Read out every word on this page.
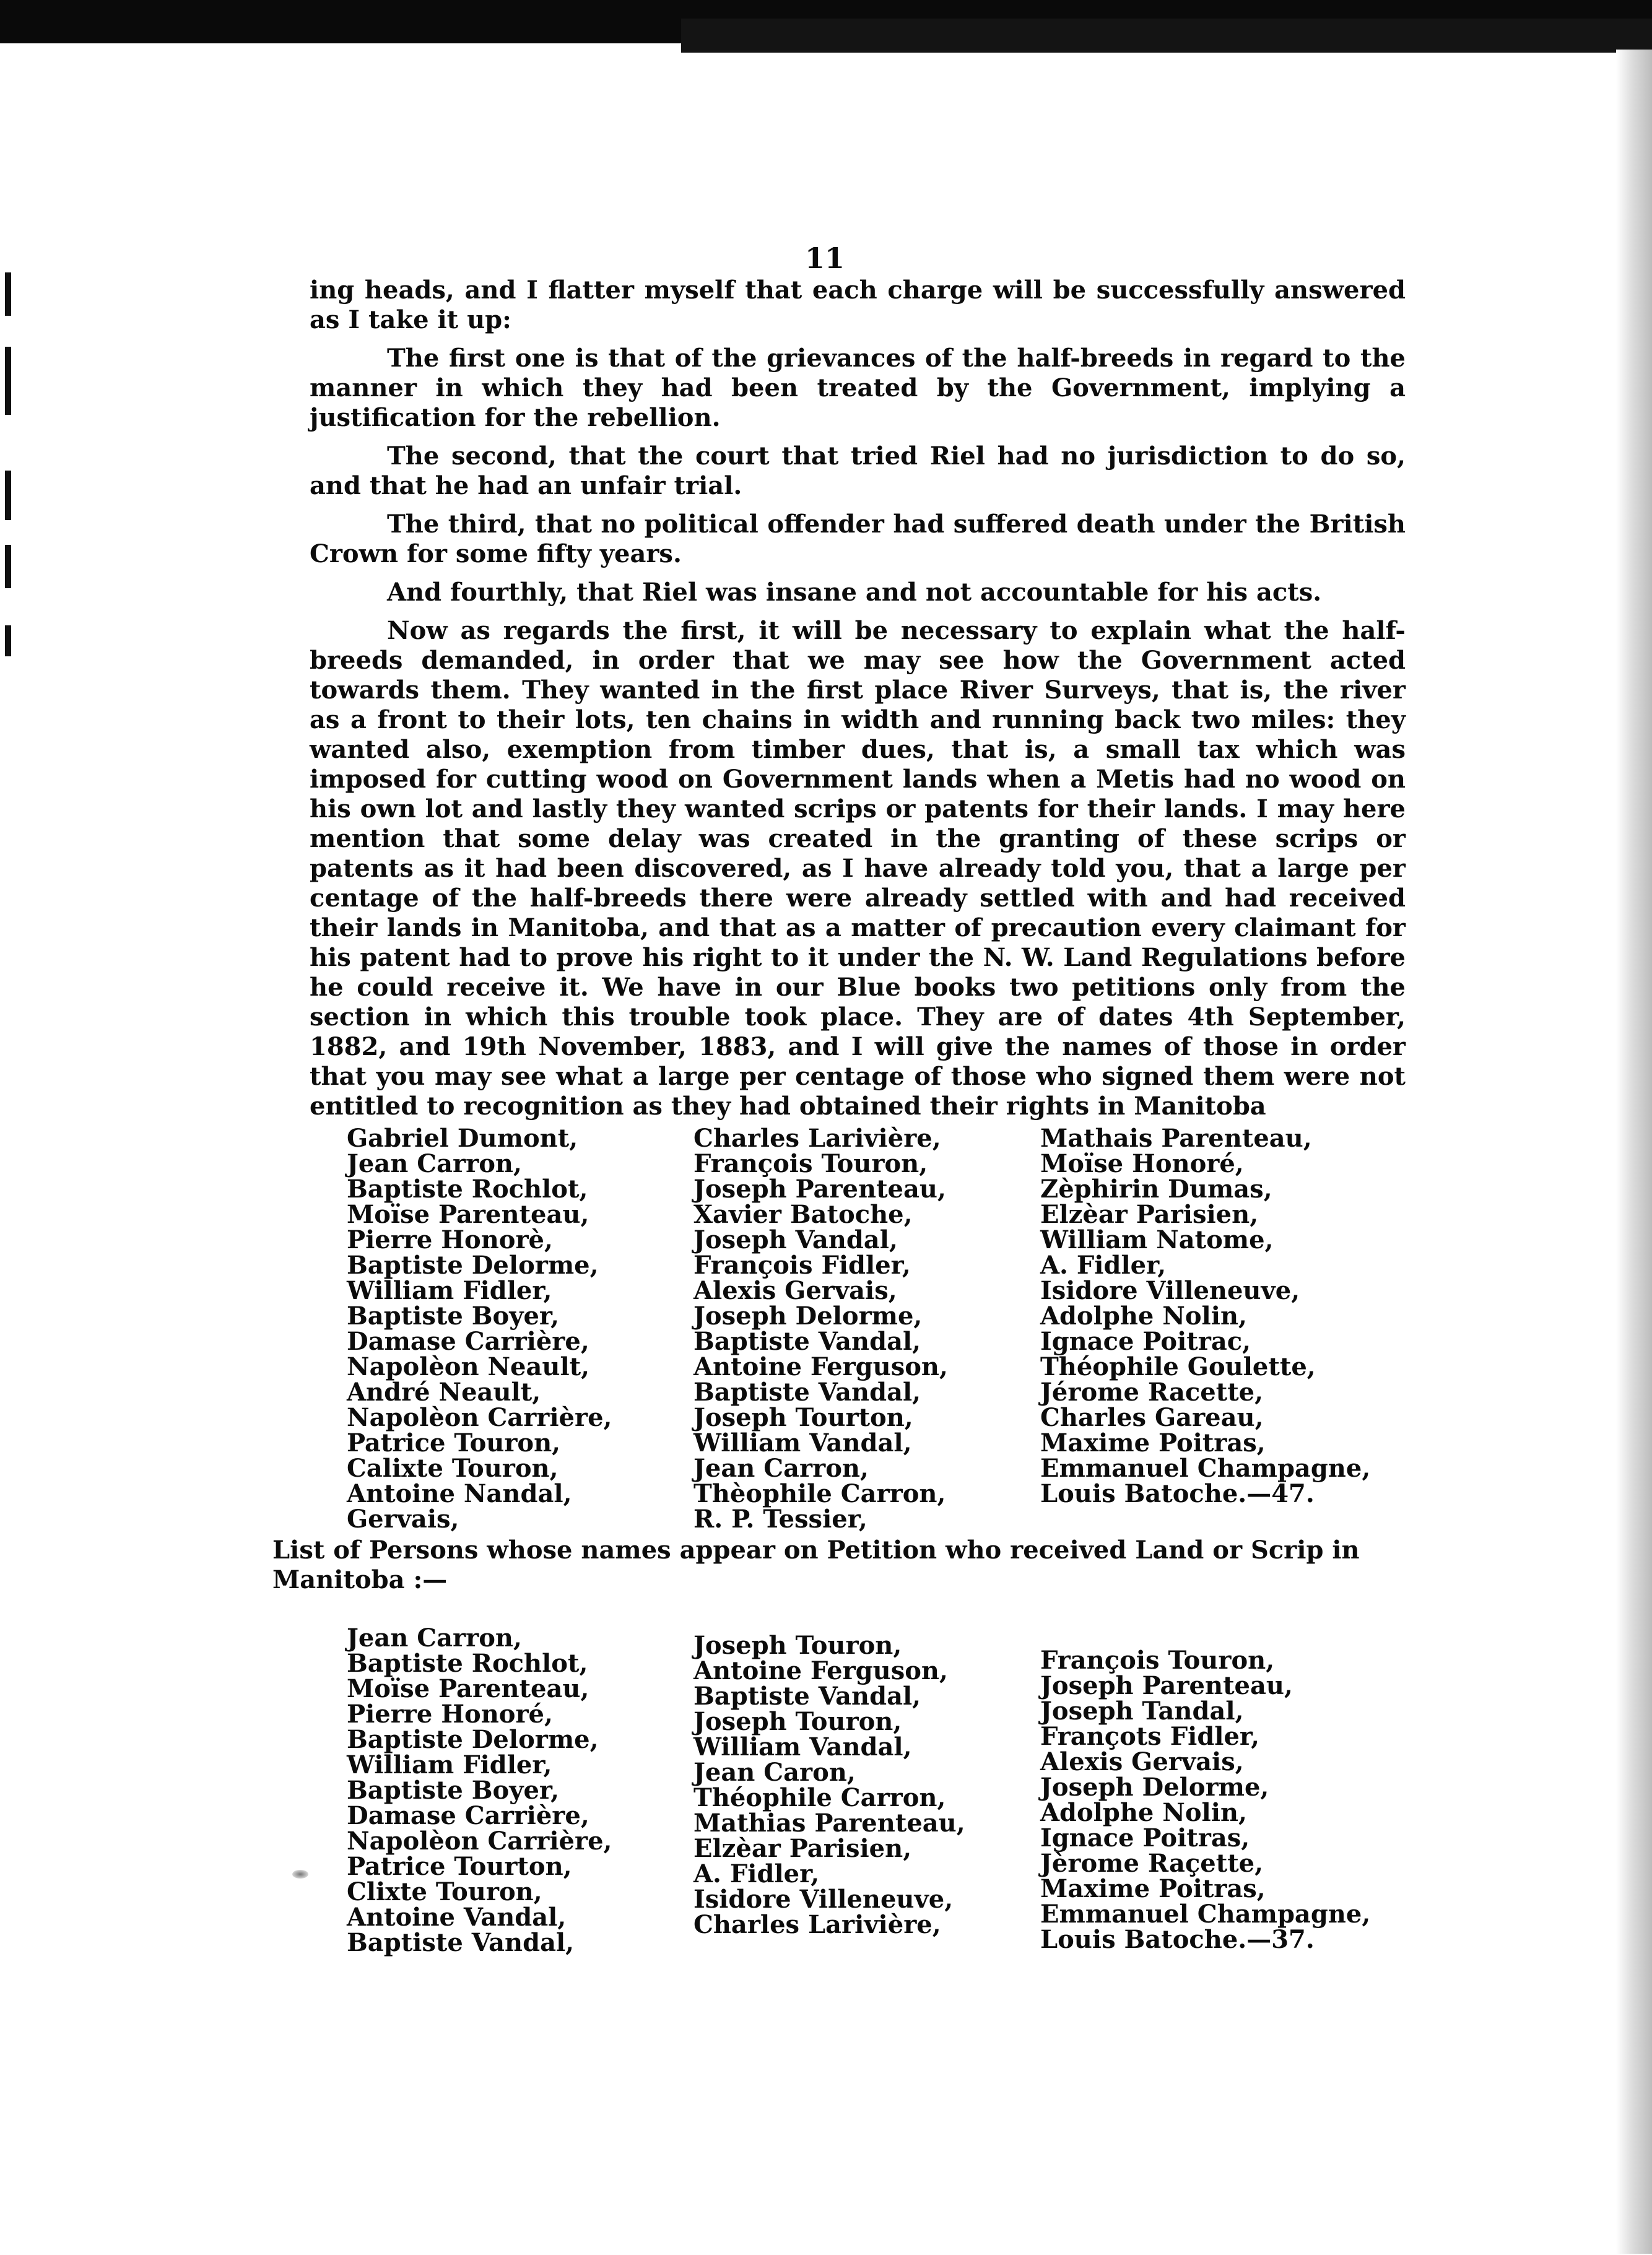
11

ing heads, and I flatter myself that each charge will be successfully answered as I take it up:

The first one is that of the grievances of the half-breeds in regard to the manner in which they had been treated by the Government, implying a justification for the rebellion.

The second, that the court that tried Riel had no jurisdiction to do so, and that he had an unfair trial.

The third, that no political offender had suffered death under the British Crown for some fifty years.

And fourthly, that Riel was insane and not accountable for his acts.

Now as regards the first, it will be necessary to explain what the half-breeds demanded, in order that we may see how the Government acted towards them. They wanted in the first place River Surveys, that is, the river as a front to their lots, ten chains in width and running back two miles: they wanted also, exemption from timber dues, that is, a small tax which was imposed for cutting wood on Government lands when a Metis had no wood on his own lot and lastly they wanted scrips or patents for their lands. I may here mention that some delay was created in the granting of these scrips or patents as it had been discovered, as I have already told you, that a large per centage of the half-breeds there were already settled with and had received their lands in Manitoba, and that as a matter of precaution every claimant for his patent had to prove his right to it under the N. W. Land Regulations before he could receive it. We have in our Blue books two petitions only from the section in which this trouble took place. They are of dates 4th September, 1882, and 19th November, 1883, and I will give the names of those in order that you may see what a large per centage of those who signed them were not entitled to recognition as they had obtained their rights in Manitoba

Gabriel Dumont,
Jean Carron,
Baptiste Rochlot,
Moïse Parenteau,
Pierre Honorè,
Baptiste Delorme,
William Fidler,
Baptiste Boyer,
Damase Carrière,
Napolèon Neault,
André Neault,
Napolèon Carrière,
Patrice Touron,
Calixte Touron,
Antoine Nandal,
Gervais,
Charles Larivière,
François Touron,
Joseph Parenteau,
Xavier Batoche,
Joseph Vandal,
François Fidler,
Alexis Gervais,
Joseph Delorme,
Baptiste Vandal,
Antoine Ferguson,
Baptiste Vandal,
Joseph Tourton,
William Vandal,
Jean Carron,
Thèophile Carron,
R. P. Tessier,
Mathais Parenteau,
Moïse Honoré,
Zèphirin Dumas,
Elzèar Parisien,
William Natome,
A. Fidler,
Isidore Villeneuve,
Adolphe Nolin,
Ignace Poitrac,
Théophile Goulette,
Jérome Racette,
Charles Gareau,
Maxime Poitras,
Emmanuel Champagne,
Louis Batoche.—47.
List of Persons whose names appear on Petition who received Land or Scrip in Manitoba :—
Jean Carron,
Baptiste Rochlot,
Moïse Parenteau,
Pierre Honoré,
Baptiste Delorme,
William Fidler,
Baptiste Boyer,
Damase Carrière,
Napolèon Carrière,
Patrice Tourton,
Clixte Touron,
Antoine Vandal,
Baptiste Vandal,
Joseph Touron,
Antoine Ferguson,
Baptiste Vandal,
Joseph Touron,
William Vandal,
Jean Caron,
Théophile Carron,
Mathias Parenteau,
Elzèar Parisien,
A. Fidler,
Isidore Villeneuve,
Charles Larivière,
François Touron,
Joseph Parenteau,
Joseph Tandal,
Françots Fidler,
Alexis Gervais,
Joseph Delorme,
Adolphe Nolin,
Ignace Poitras,
Jèrome Raçette,
Maxime Poitras,
Emmanuel Champagne,
Louis Batoche.—37.
